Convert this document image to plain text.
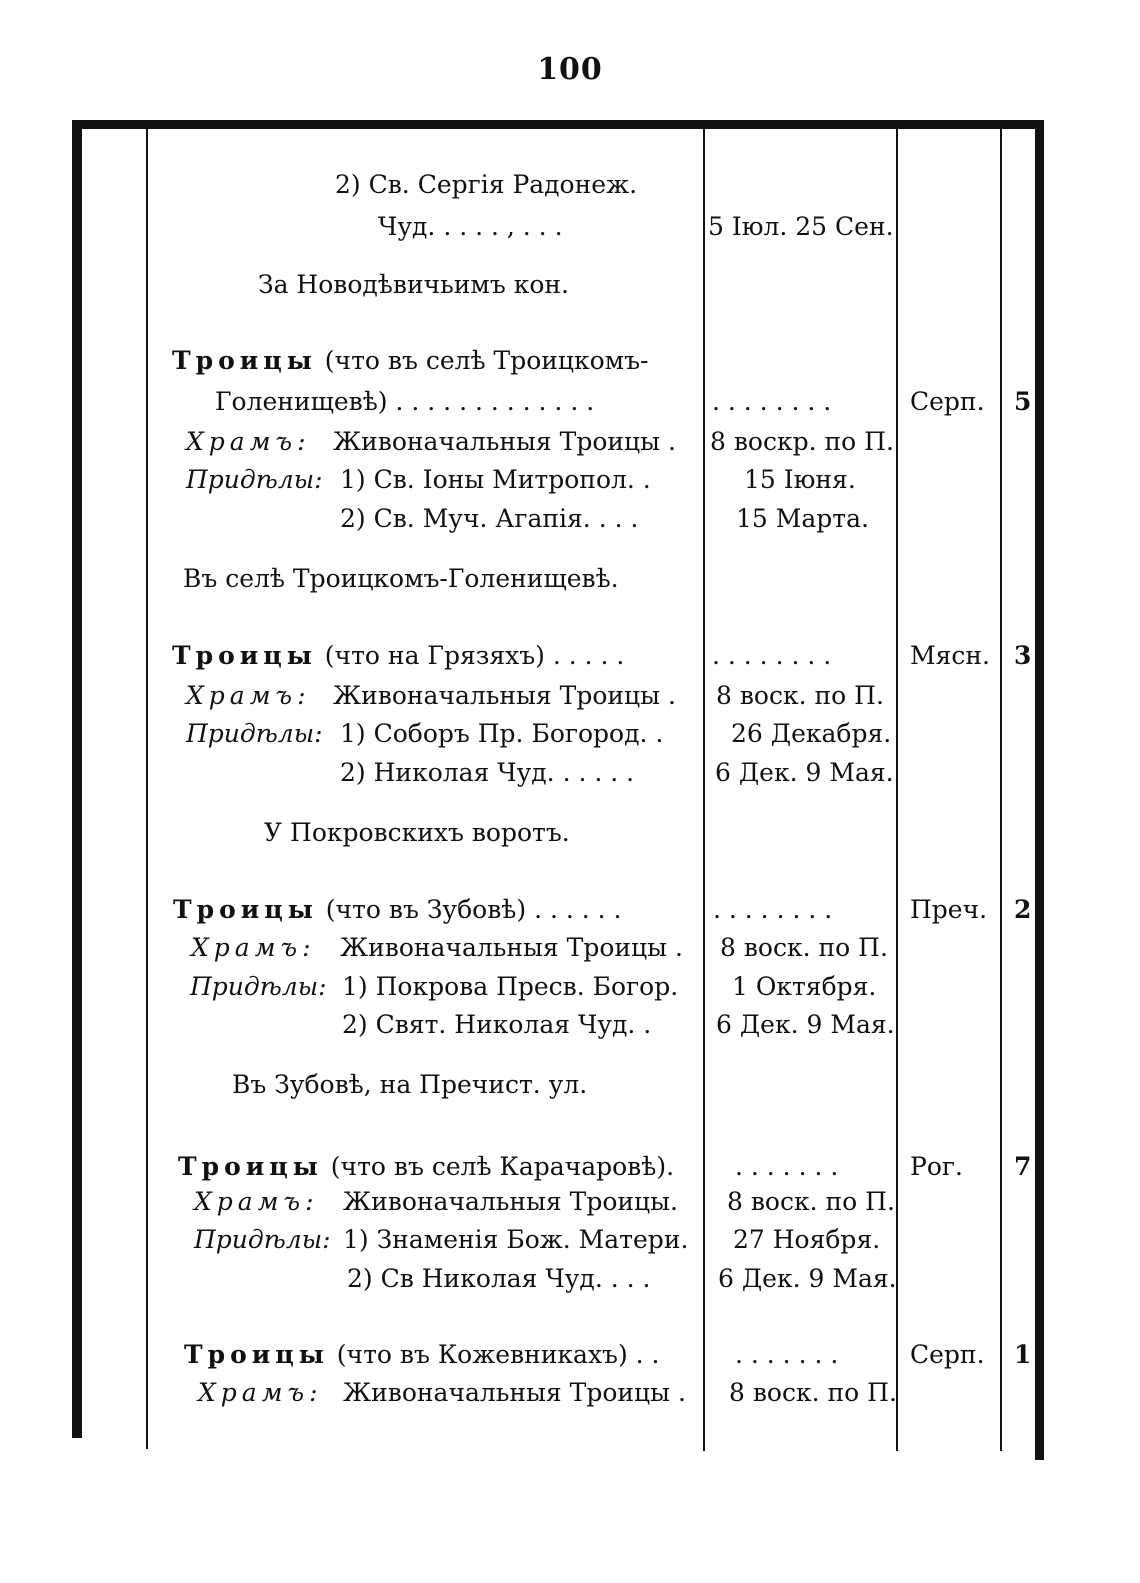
100
2) Св. Сергія Радонеж.
Чуд. . . . . , . . .	5 Іюл. 25 Сен.
За Новодѣвичьимъ кон.
Троицы (что въ селѣ Троицкомъ-
Голенищевѣ) . . . . . . . . . . . . .	. . . . . . . .	Серп. 5
Храмъ: Живоначальныя Троицы . 8 воскр. по П.
Придѣлы: 1) Св. Іоны Митропол. .	15 Іюня.
2) Св. Муч. Агапія. . . .	15 Марта.
Въ селѣ Троицкомъ-Голенищевѣ.
Троицы (что на Грязяхъ) . . . . .	. . . . . . . .	Мясн. 3
Храмъ: Живоначальныя Троицы . 8 воск. по П.
Придѣлы: 1) Соборъ Пр. Богород. .	26 Декабря.
2) Николая Чуд. . . . . .	6 Дек. 9 Мая.
У Покровскихъ воротъ.
Троицы (что въ Зубовѣ) . . . . . .	. . . . . . . .	Преч. 2
Храмъ: Живоначальныя Троицы . 8 воск. по П.
Придѣлы: 1) Покрова Пресв. Богор. 1 Октября.
2) Свят. Николая Чуд. .	6 Дек. 9 Мая.
Въ Зубовѣ, на Пречист. ул.
Троицы (что въ селѣ Карачаровѣ). . . . . . . .	Рог. 7
Храмъ: Живоначальныя Троицы. 8 воск. по П.
Придѣлы: 1) Знаменія Бож. Матери. 27 Ноября.
2) Св Николая Чуд. . . .	6 Дек. 9 Мая.
Троицы (что въ Кожевникахъ) . .	. . . . . . .	Серп. 1
Храмъ: Живоначальныя Троицы . 8 воск. по П.
